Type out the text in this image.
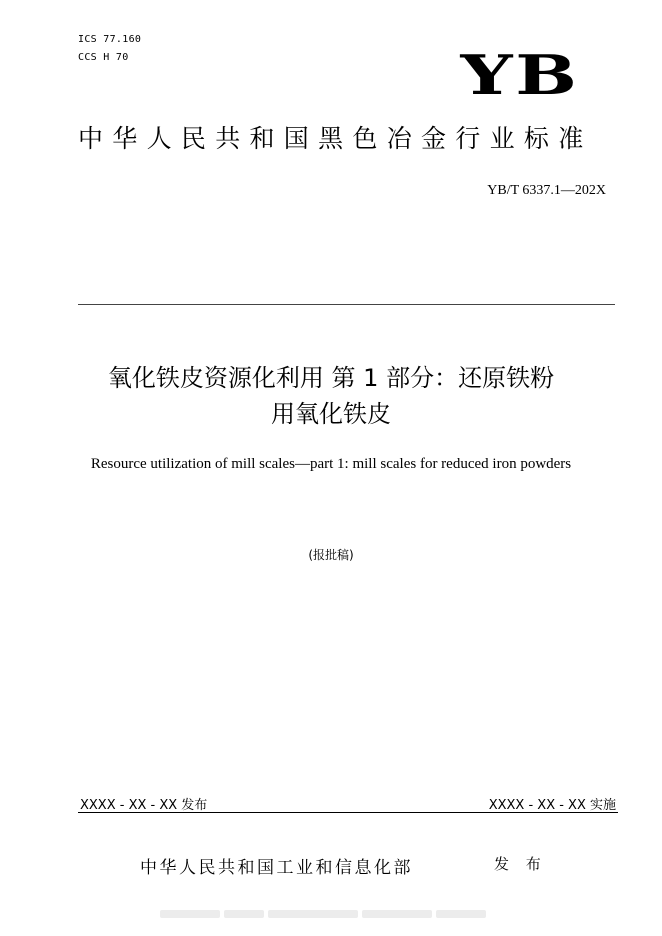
ICS 77.160
CCS H 70	YB
中华人民共和国黑色冶金行业标准
YB/T 6337.1—202X
氧化铁皮资源化利用 第 1 部分：还原铁粉
用氧化铁皮
Resource utilization of mill scales—part 1: mill scales for reduced iron powders
(报批稿)
XXXX - XX - XX 发布	XXXX - XX - XX 实施
中华人民共和国工业和信息化部	发 布
